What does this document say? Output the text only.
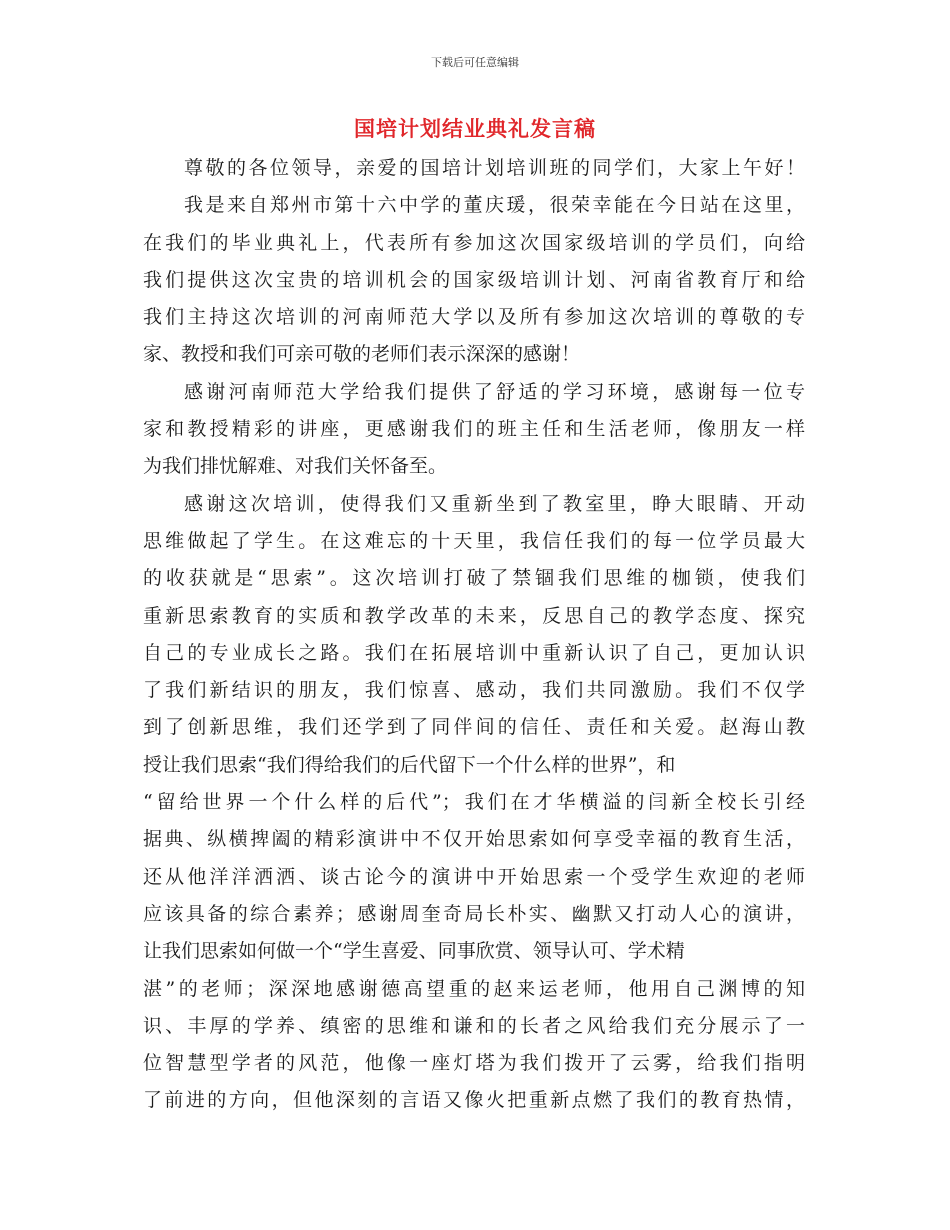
下载后可任意编辑
国培计划结业典礼发言稿
尊敬的各位领导，亲爱的国培计划培训班的同学们，大家上午好！
我是来自郑州市第十六中学的董庆瑗，很荣幸能在今日站在这里，
在我们的毕业典礼上，代表所有参加这次国家级培训的学员们，向给
我们提供这次宝贵的培训机会的国家级培训计划、河南省教育厅和给
我们主持这次培训的河南师范大学以及所有参加这次培训的尊敬的专
家、教授和我们可亲可敬的老师们表示深深的感谢！
感谢河南师范大学给我们提供了舒适的学习环境，感谢每一位专
家和教授精彩的讲座，更感谢我们的班主任和生活老师，像朋友一样
为我们排忧解难、对我们关怀备至。
感谢这次培训，使得我们又重新坐到了教室里，睁大眼睛、开动
思维做起了学生。在这难忘的十天里，我信任我们的每一位学员最大
的收获就是“思索”。这次培训打破了禁锢我们思维的枷锁，使我们
重新思索教育的实质和教学改革的未来，反思自己的教学态度、探究
自己的专业成长之路。我们在拓展培训中重新认识了自己，更加认识
了我们新结识的朋友，我们惊喜、感动，我们共同激励。我们不仅学
到了创新思维，我们还学到了同伴间的信任、责任和关爱。赵海山教
授让我们思索“我们得给我们的后代留下一个什么样的世界”，和
“留给世界一个什么样的后代”；我们在才华横溢的闫新全校长引经
据典、纵横捭阖的精彩演讲中不仅开始思索如何享受幸福的教育生活，
还从他洋洋洒洒、谈古论今的演讲中开始思索一个受学生欢迎的老师
应该具备的综合素养；感谢周奎奇局长朴实、幽默又打动人心的演讲，
让我们思索如何做一个“学生喜爱、同事欣赏、领导认可、学术精
湛”的老师；深深地感谢德高望重的赵来运老师，他用自己渊博的知
识、丰厚的学养、缜密的思维和谦和的长者之风给我们充分展示了一
位智慧型学者的风范，他像一座灯塔为我们拨开了云雾，给我们指明
了前进的方向，但他深刻的言语又像火把重新点燃了我们的教育热情，
